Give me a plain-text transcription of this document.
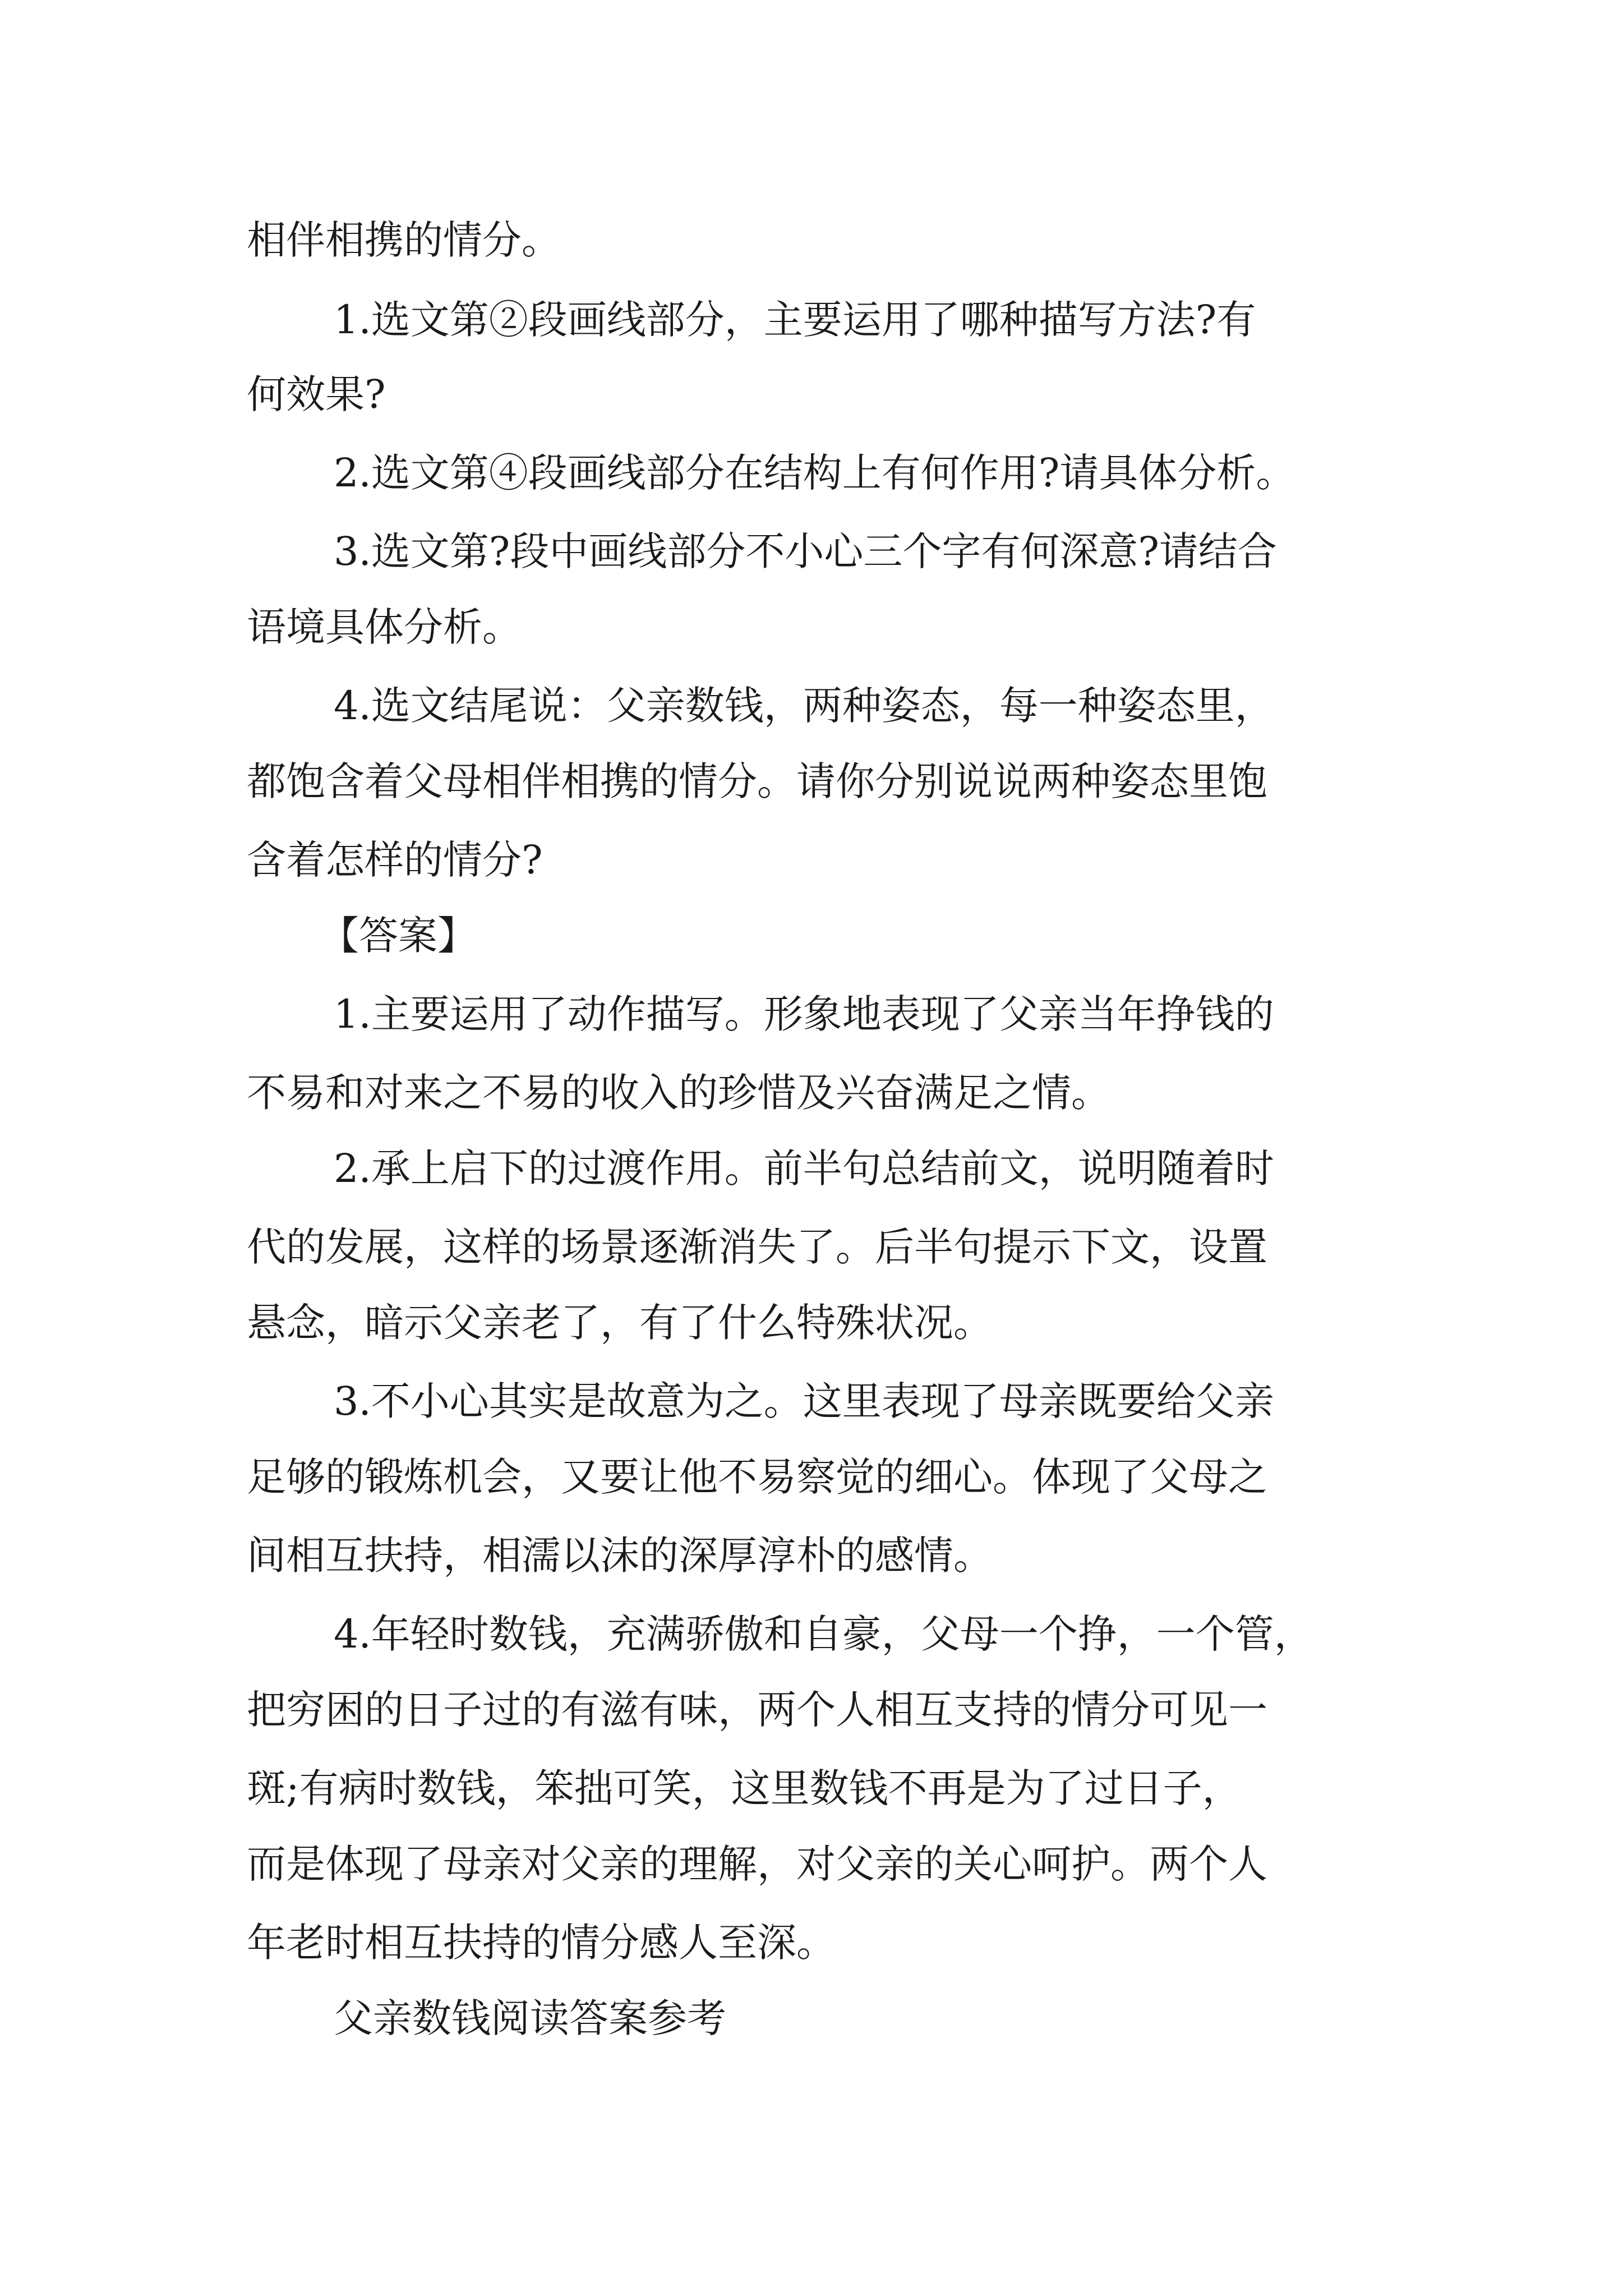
相伴相携的情分。
1.选文第②段画线部分，主要运用了哪种描写方法?有
何效果?
2.选文第④段画线部分在结构上有何作用?请具体分析。
3.选文第?段中画线部分不小心三个字有何深意?请结合
语境具体分析。
4.选文结尾说：父亲数钱，两种姿态，每一种姿态里，
都饱含着父母相伴相携的情分。请你分别说说两种姿态里饱
含着怎样的情分?
【答案】
1.主要运用了动作描写。形象地表现了父亲当年挣钱的
不易和对来之不易的收入的珍惜及兴奋满足之情。
2.承上启下的过渡作用。前半句总结前文，说明随着时
代的发展，这样的场景逐渐消失了。后半句提示下文，设置
悬念，暗示父亲老了，有了什么特殊状况。
3.不小心其实是故意为之。这里表现了母亲既要给父亲
足够的锻炼机会，又要让他不易察觉的细心。体现了父母之
间相互扶持，相濡以沫的深厚淳朴的感情。
4.年轻时数钱，充满骄傲和自豪，父母一个挣，一个管，
把穷困的日子过的有滋有味，两个人相互支持的情分可见一
斑;有病时数钱，笨拙可笑，这里数钱不再是为了过日子，
而是体现了母亲对父亲的理解，对父亲的关心呵护。两个人
年老时相互扶持的情分感人至深。
父亲数钱阅读答案参考
